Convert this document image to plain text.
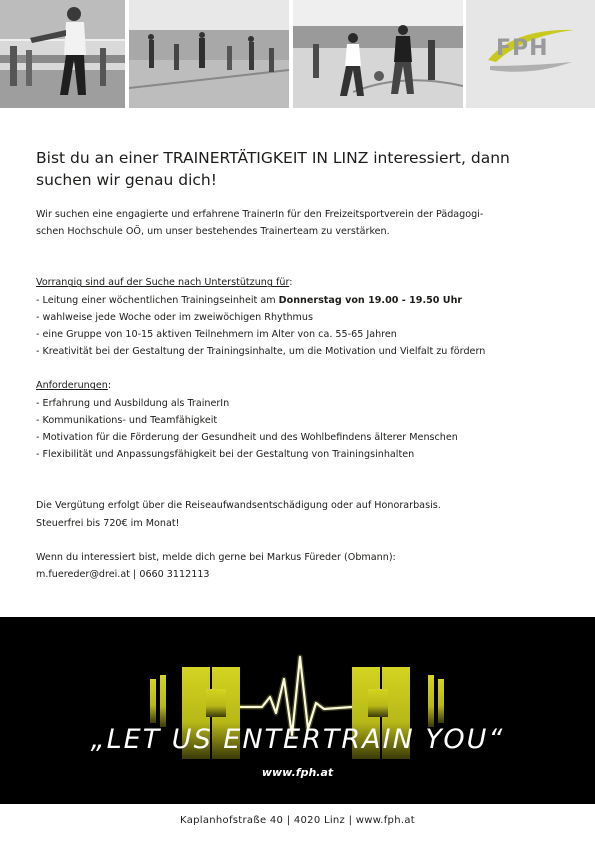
FPH
Bist du an einer TRAINERTÄTIGKEIT IN LINZ interessiert, dann
suchen wir genau dich!

Wir suchen eine engagierte und erfahrene TrainerIn für den Freizeitsportverein der Pädagogi-
schen Hochschule OÖ, um unser bestehendes Trainerteam zu verstärken.

Vorrangig sind auf der Suche nach Unterstützung für:

- Leitung einer wöchentlichen Trainingseinheit am Donnerstag von 19.00 - 19.50 Uhr

- wahlweise jede Woche oder im zweiwöchigen Rhythmus

- eine Gruppe von 10-15 aktiven Teilnehmern im Alter von ca. 55-65 Jahren

- Kreativität bei der Gestaltung der Trainingsinhalte, um die Motivation und Vielfalt zu fördern

Anforderungen:

- Erfahrung und Ausbildung als TrainerIn

- Kommunikations- und Teamfähigkeit

- Motivation für die Förderung der Gesundheit und des Wohlbefindens älterer Menschen

- Flexibilität und Anpassungsfähigkeit bei der Gestaltung von Trainingsinhalten

Die Vergütung erfolgt über die Reiseaufwandsentschädigung oder auf Honorarbasis.

Steuerfrei bis 720€ im Monat!

Wenn du interessiert bist, melde dich gerne bei Markus Füreder (Obmann):

m.fuereder@drei.at | 0660 3112113

„LET US ENTERTRAIN YOU“
www.fph.at
Kaplanhofstraße 40 | 4020 Linz | www.fph.at
